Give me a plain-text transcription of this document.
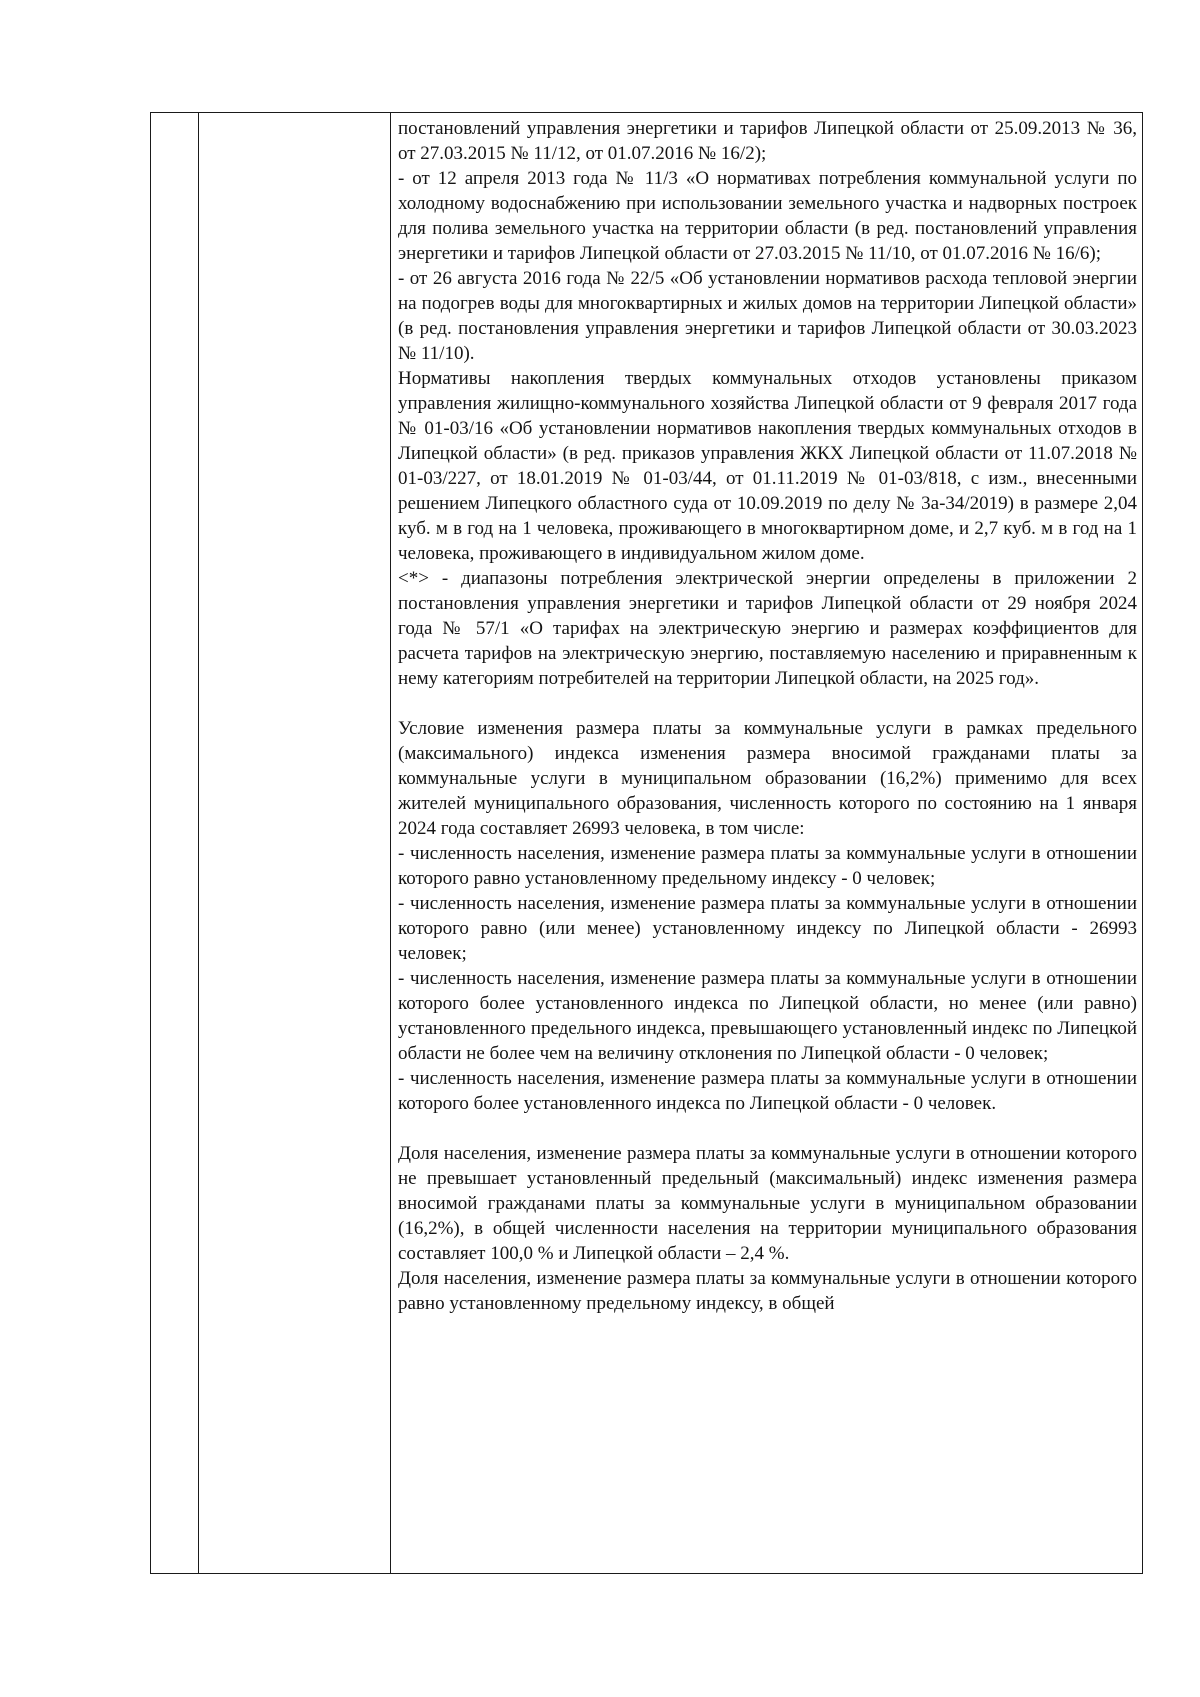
постановлений управления энергетики и тарифов Липецкой области от 25.09.2013 № 36, от 27.03.2015 № 11/12, от 01.07.2016 № 16/2);

- от 12 апреля 2013 года № 11/3 «О нормативах потребления коммунальной услуги по холодному водоснабжению при использовании земельного участка и надворных построек для полива земельного участка на территории области (в ред. постановлений управления энергетики и тарифов Липецкой области от 27.03.2015 № 11/10, от 01.07.2016 № 16/6);

- от 26 августа 2016 года № 22/5 «Об установлении нормативов расхода тепловой энергии на подогрев воды для многоквартирных и жилых домов на территории Липецкой области» (в ред. постановления управления энергетики и тарифов Липецкой области от 30.03.2023 № 11/10).

Нормативы накопления твердых коммунальных отходов установлены приказом управления жилищно-коммунального хозяйства Липецкой области от 9 февраля 2017 года № 01-03/16 «Об установлении нормативов накопления твердых коммунальных отходов в Липецкой области» (в ред. приказов управления ЖКХ Липецкой области от 11.07.2018 № 01-03/227, от 18.01.2019 № 01-03/44, от 01.11.2019 № 01-03/818, с изм., внесенными решением Липецкого областного суда от 10.09.2019 по делу № 3а-34/2019) в размере 2,04 куб. м в год на 1 человека, проживающего в многоквартирном доме, и 2,7 куб. м в год на 1 человека, проживающего в индивидуальном жилом доме.

<*> - диапазоны потребления электрической энергии определены в приложении 2 постановления управления энергетики и тарифов Липецкой области от 29 ноября 2024 года № 57/1 «О тарифах на электрическую энергию и размерах коэффициентов для расчета тарифов на электрическую энергию, поставляемую населению и приравненным к нему категориям потребителей на территории Липецкой области, на 2025 год».

Условие изменения размера платы за коммунальные услуги в рамках предельного (максимального) индекса изменения размера вносимой гражданами платы за коммунальные услуги в муниципальном образовании (16,2%) применимо для всех жителей муниципального образования, численность которого по состоянию на 1 января 2024 года составляет 26993 человека, в том числе:

- численность населения, изменение размера платы за коммунальные услуги в отношении которого равно установленному предельному индексу - 0 человек;

- численность населения, изменение размера платы за коммунальные услуги в отношении которого равно (или менее) установленному индексу по Липецкой области - 26993 человек;

- численность населения, изменение размера платы за коммунальные услуги в отношении которого более установленного индекса по Липецкой области, но менее (или равно) установленного предельного индекса, превышающего установленный индекс по Липецкой области не более чем на величину отклонения по Липецкой области - 0 человек;

- численность населения, изменение размера платы за коммунальные услуги в отношении которого более установленного индекса по Липецкой области - 0 человек.

Доля населения, изменение размера платы за коммунальные услуги в отношении которого не превышает установленный предельный (максимальный) индекс изменения размера вносимой гражданами платы за коммунальные услуги в муниципальном образовании (16,2%), в общей численности населения на территории муниципального образования составляет 100,0 % и Липецкой области – 2,4 %.

Доля населения, изменение размера платы за коммунальные услуги в отношении которого равно установленному предельному индексу, в общей
